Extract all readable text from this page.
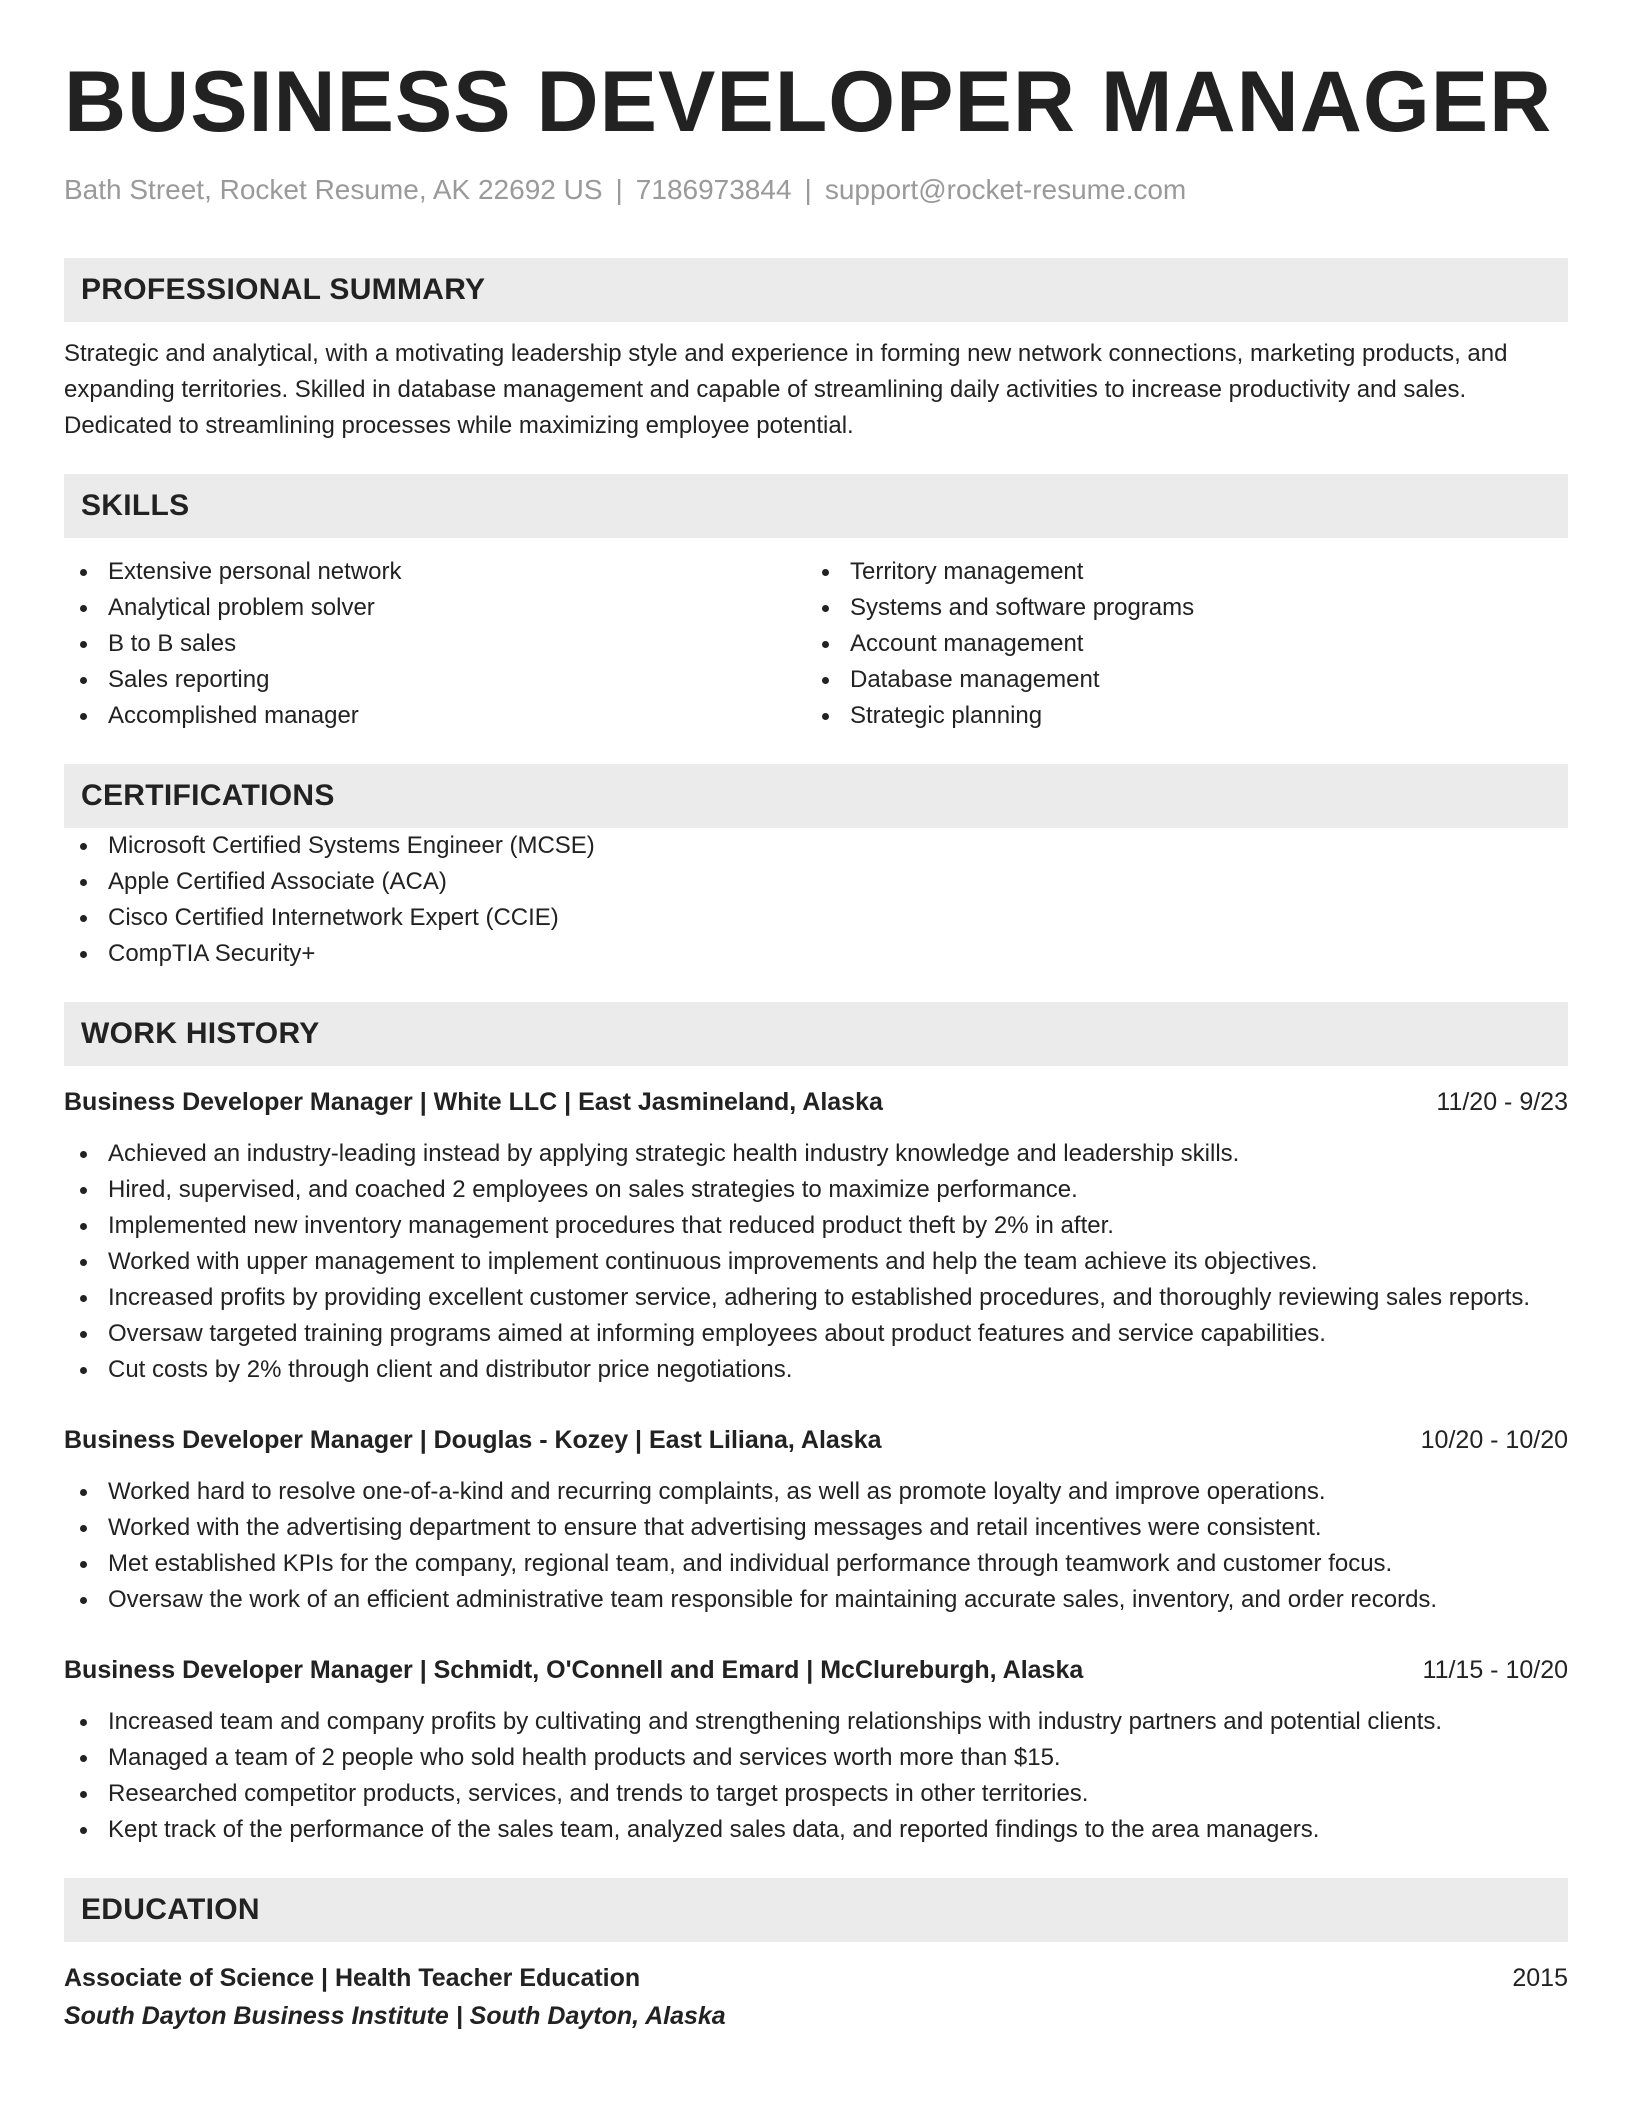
BUSINESS DEVELOPER MANAGER
Bath Street, Rocket Resume, AK 22692 US | 7186973844 | support@rocket-resume.com
PROFESSIONAL SUMMARY
Strategic and analytical, with a motivating leadership style and experience in forming new network connections, marketing products, and expanding territories. Skilled in database management and capable of streamlining daily activities to increase productivity and sales. Dedicated to streamlining processes while maximizing employee potential.
SKILLS
Extensive personal network
Analytical problem solver
B to B sales
Sales reporting
Accomplished manager
Territory management
Systems and software programs
Account management
Database management
Strategic planning
CERTIFICATIONS
Microsoft Certified Systems Engineer (MCSE)
Apple Certified Associate (ACA)
Cisco Certified Internetwork Expert (CCIE)
CompTIA Security+
WORK HISTORY
Business Developer Manager | White LLC | East Jasmineland, Alaska	11/20 - 9/23
Achieved an industry-leading instead by applying strategic health industry knowledge and leadership skills.
Hired, supervised, and coached 2 employees on sales strategies to maximize performance.
Implemented new inventory management procedures that reduced product theft by 2% in after.
Worked with upper management to implement continuous improvements and help the team achieve its objectives.
Increased profits by providing excellent customer service, adhering to established procedures, and thoroughly reviewing sales reports.
Oversaw targeted training programs aimed at informing employees about product features and service capabilities.
Cut costs by 2% through client and distributor price negotiations.
Business Developer Manager | Douglas - Kozey | East Liliana, Alaska	10/20 - 10/20
Worked hard to resolve one-of-a-kind and recurring complaints, as well as promote loyalty and improve operations.
Worked with the advertising department to ensure that advertising messages and retail incentives were consistent.
Met established KPIs for the company, regional team, and individual performance through teamwork and customer focus.
Oversaw the work of an efficient administrative team responsible for maintaining accurate sales, inventory, and order records.
Business Developer Manager | Schmidt, O'Connell and Emard | McClureburgh, Alaska	11/15 - 10/20
Increased team and company profits by cultivating and strengthening relationships with industry partners and potential clients.
Managed a team of 2 people who sold health products and services worth more than $15.
Researched competitor products, services, and trends to target prospects in other territories.
Kept track of the performance of the sales team, analyzed sales data, and reported findings to the area managers.
EDUCATION
Associate of Science | Health Teacher Education	2015
South Dayton Business Institute | South Dayton, Alaska
